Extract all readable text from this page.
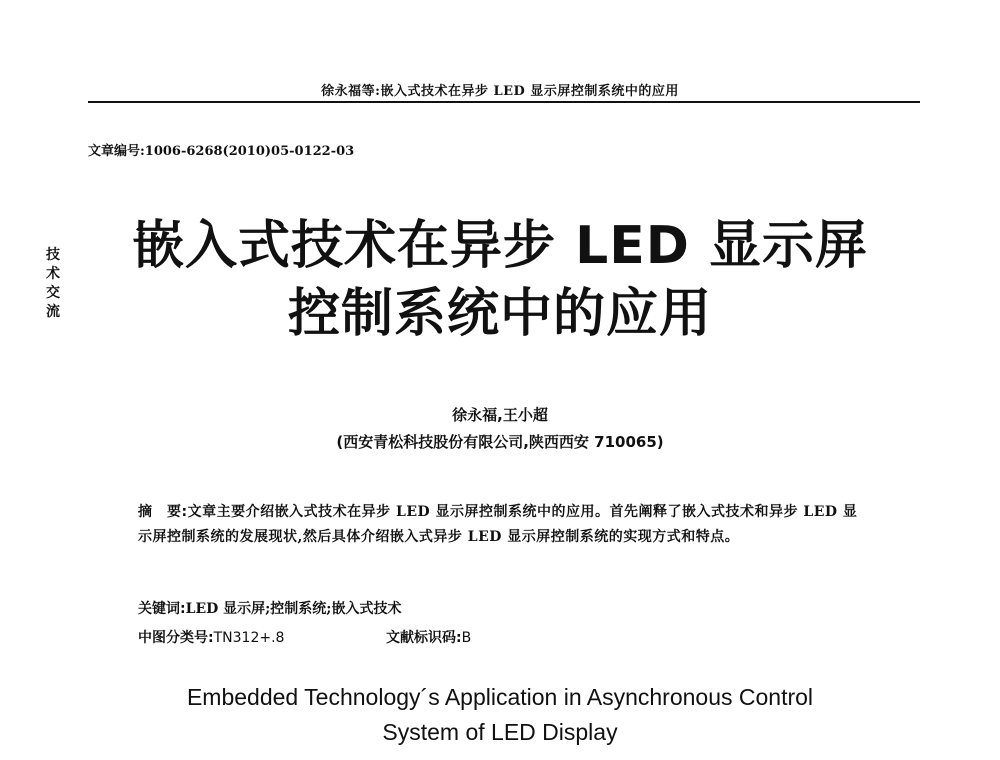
徐永福等:嵌入式技术在异步 LED 显示屏控制系统中的应用
文章编号:1006-6268(2010)05-0122-03
技术交流
嵌入式技术在异步 LED 显示屏
控制系统中的应用
徐永福,王小超
(西安青松科技股份有限公司,陕西西安 710065)
摘　要:文章主要介绍嵌入式技术在异步 LED 显示屏控制系统中的应用。首先阐释了嵌入式技术和异步 LED 显示屏控制系统的发展现状,然后具体介绍嵌入式异步 LED 显示屏控制系统的实现方式和特点。
关键词:LED 显示屏;控制系统;嵌入式技术
中图分类号:TN312+.8	文献标识码:B
Embedded Technology´s Application in Asynchronous Control
System of LED Display
